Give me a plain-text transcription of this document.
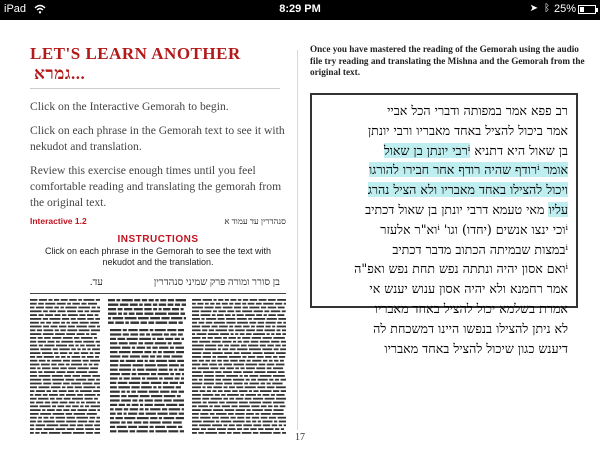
iPad	8:29 PM	➤ ᛒ 25%
LET'S LEARN ANOTHER גמרא...

Click on the Interactive Gemorah to begin.

Click on each phrase in the Gemorah text to see it with nekudot and translation.

Review this exercise enough times until you feel comfortable reading and translating the gemorah from the original text.

Interactive 1.2	סנהדרין עד עמוד א
INSTRUCTIONS
Click on each phrase in the Gemorah to see the text with nekudot and the translation.
בן סורר ומורה פרק שמיני סנהדרין
עד.

Once you have mastered the reading of the Gemorah using the audio file try reading and translating the Mishna and the Gemorah from the original text.

רב פפא אמר במפותה ודברי הכל אביי
אמר ביכול להציל באחד מאבריו ורבי יונתן
בן שאול היא דתניא ⁱרבי יונתן בן שאול
אומר ⁱרודף שהיה רודף אחר חבירו להורגו
ויכול להצילו באחד מאבריו ולא הציל נהרג
עליו מאי טעמא דרבי יונתן בן שאול דכתיב
ⁱוכי ינצו אנשים (יחדו) וגו' ⁱוא"ר אלעזר
ⁱבמצות שבמיתה הכתוב מדבר דכתיב
ⁱואם אסון יהיה ונתתה נפש תחת נפש ואפ"ה
אמר רחמנא ולא יהיה אסון ענוש יענש אי
אמרת בשלמא יכול להציל באחד מאבריו
לא ניתן להצילו בנפשו היינו דמשכחת לה
דיענש כגון שיכול להציל באחד מאבריו
17
